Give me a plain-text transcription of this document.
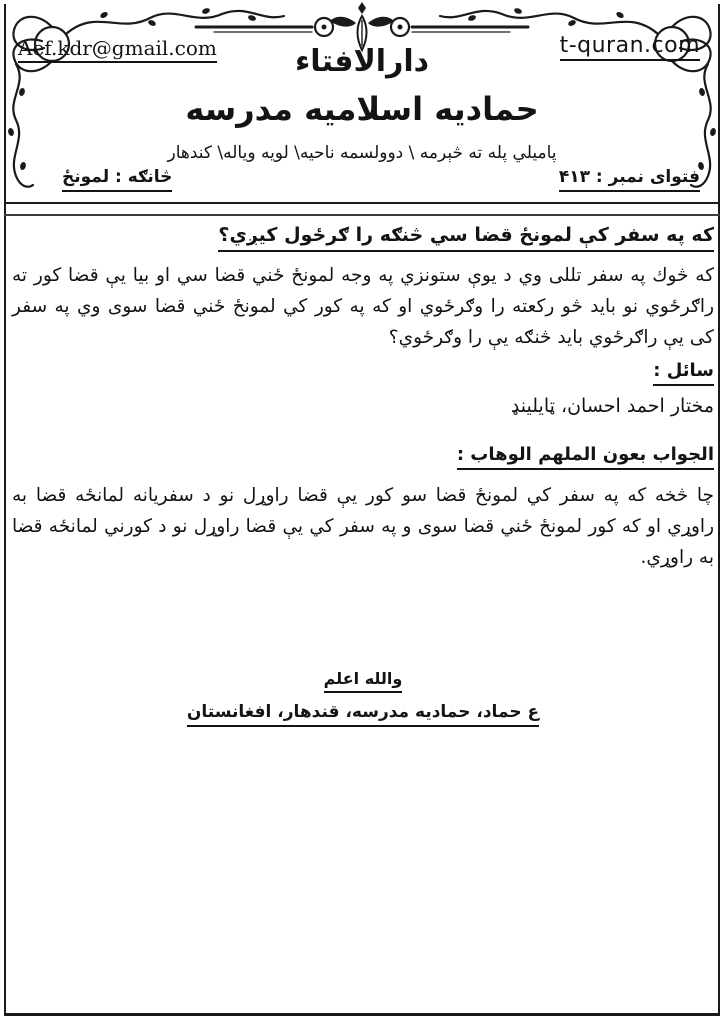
Aef.kdr@gmail.com	t-quran.com
دارالافتاء
حماديه اسلاميه مدرسه
پاميلي پله ته څېرمه \ دوولسمه ناحيه\ لويه وياله\ كندهار
فتوای نمبر : ۴۱۳
څانګه : لمونځ
كه په سفر كې لمونځ قضا سي څنګه را ګرځول كيږي؟

كه څوك په سفر تللى وي د يوې ستونزي په وجه لمونځ ځني قضا سي او بيا يې قضا كور ته راګرځوي نو بايد څو ركعته را وګرځوي او كه په كور كي لمونځ ځني قضا سوى وي په سفر كى يې راګرځوي بايد څنګه يې را وګرځوي؟

سائل :
مختار احمد احسان، ټايلينډ
الجواب بعون الملهم الوهاب :

چا څخه كه په سفر كي لمونځ قضا سو كور يې قضا راوړل نو د سفريانه لمانځه قضا به راوړي او كه كور لمونځ ځني قضا سوى و په سفر كي يې قضا راوړل نو د كورني لمانځه قضا به راوړي.

والله اعلم
ع حماد، حماديه مدرسه، قندهار، افغانستان
